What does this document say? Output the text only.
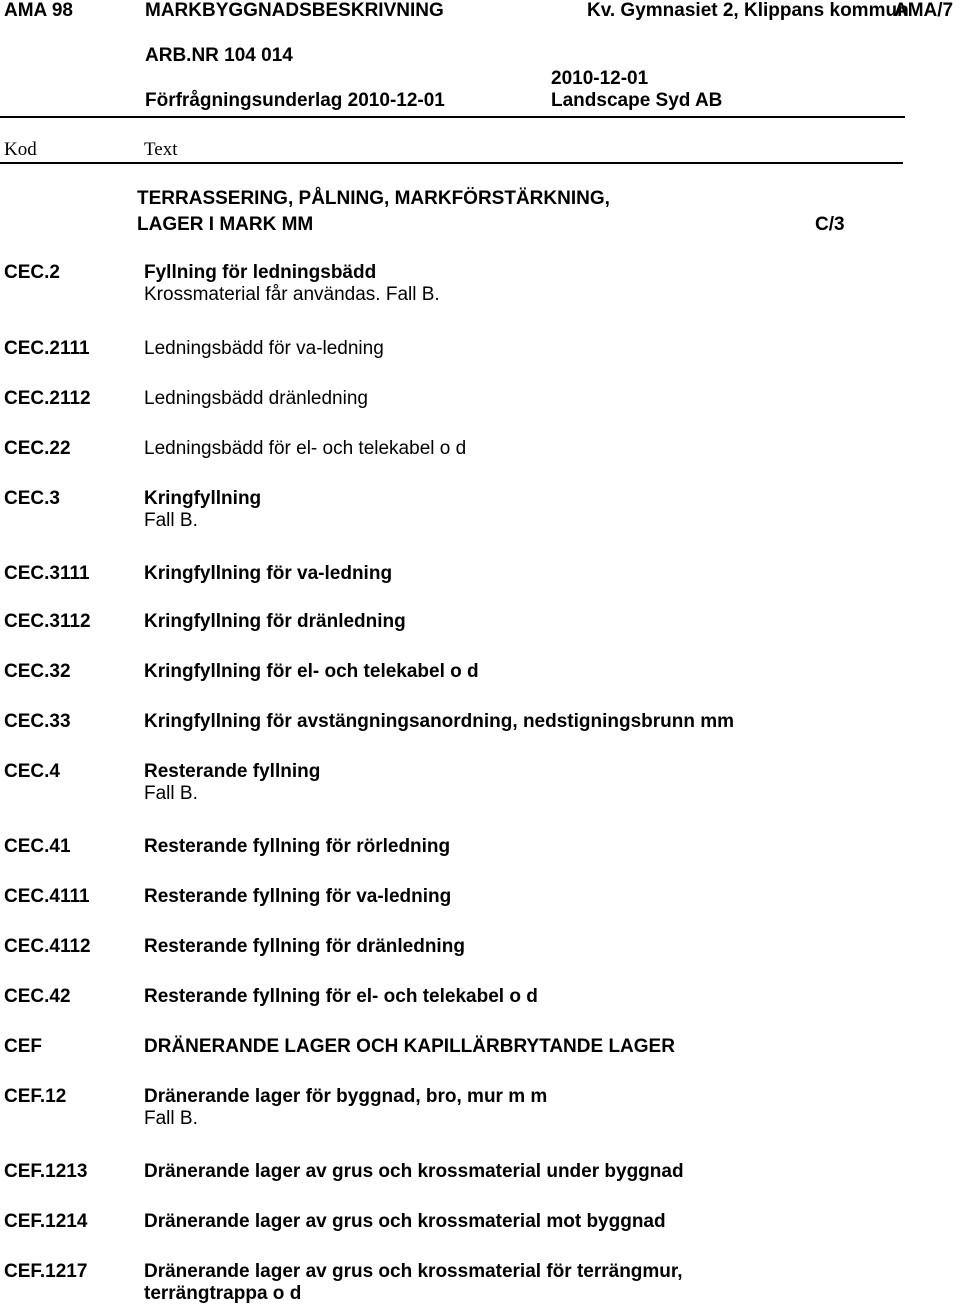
AMA 98	MARKBYGGNADSBESKRIVNING	Kv. Gymnasiet 2, Klippans kommun
AMA/7
ARB.NR 104 014
2010-12-01
Förfrågningsunderlag 2010-12-01	Landscape Syd AB
Kod	Text
TERRASSERING, PÅLNING, MARKFÖRSTÄRKNING,
LAGER I MARK MM	C/3
CEC.2	Fyllning för ledningsbädd
Krossmaterial får användas. Fall B.
CEC.2111	Ledningsbädd för va-ledning
CEC.2112	Ledningsbädd dränledning
CEC.22	Ledningsbädd för el- och telekabel o d
CEC.3	Kringfyllning
Fall B.
CEC.3111	Kringfyllning för va-ledning
CEC.3112	Kringfyllning för dränledning
CEC.32	Kringfyllning för el- och telekabel o d
CEC.33	Kringfyllning för avstängningsanordning, nedstigningsbrunn mm
CEC.4	Resterande fyllning
Fall B.
CEC.41	Resterande fyllning för rörledning
CEC.4111	Resterande fyllning för va-ledning
CEC.4112	Resterande fyllning för dränledning
CEC.42	Resterande fyllning för el- och telekabel o d
CEF	DRÄNERANDE LAGER OCH KAPILLÄRBRYTANDE LAGER
CEF.12	Dränerande lager för byggnad, bro, mur m m
Fall B.
CEF.1213	Dränerande lager av grus och krossmaterial under byggnad
CEF.1214	Dränerande lager av grus och krossmaterial mot byggnad
CEF.1217	Dränerande lager av grus och krossmaterial för terrängmur,
terrängtrappa o d
